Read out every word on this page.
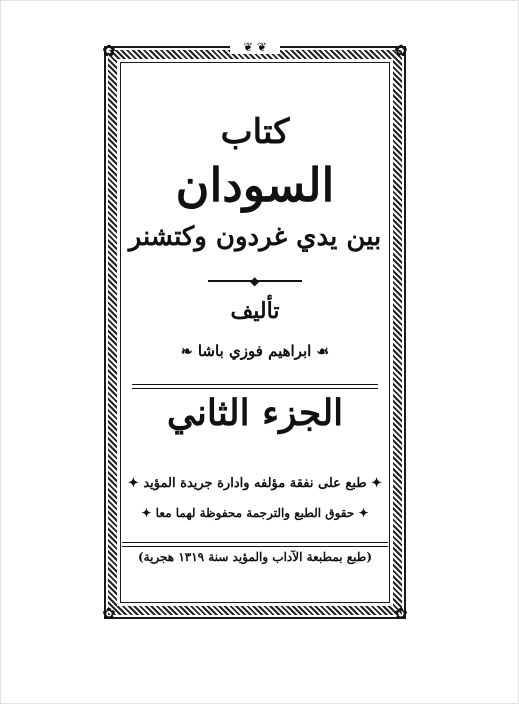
✿	✿
✿	✿
❦ ❦
كتاب
السودان
بين يدي غردون وكتشنر
◆
تأليف
☙ ابراهيم فوزي باشا ❧
الجزء الثاني
✦ طبع على نفقة مؤلفه وادارة جريدة المؤيد ✦
✦ حقوق الطبع والترجمة محفوظة لهما معا ✦
(طبع بمطبعة الآداب والمؤيد سنة ١٣١٩ هجرية)
